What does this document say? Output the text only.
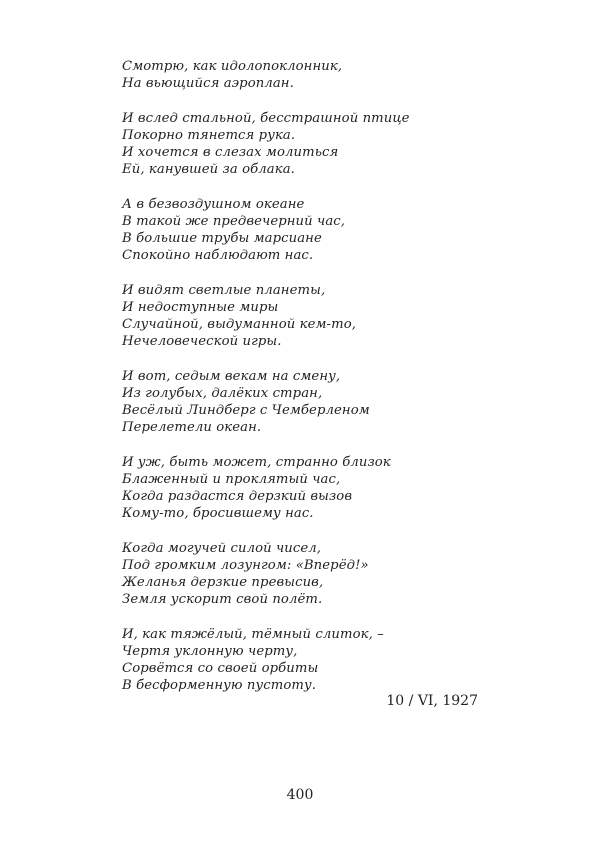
Смотрю, как идолопоклонник,
На вьющийся аэроплан.
И вслед стальной, бесстрашной птице
Покорно тянется рука.
И хочется в слезах молиться
Ей, канувшей за облака.
А в безвоздушном океане
В такой же предвечерний час,
В большие трубы марсиане
Спокойно наблюдают нас.
И видят светлые планеты,
И недоступные миры
Случайной, выдуманной кем-то,
Нечеловеческой игры.
И вот, седым векам на смену,
Из голубых, далёких стран,
Весёлый Линдберг с Чемберленом
Перелетели океан.
И уж, быть может, странно близок
Блаженный и проклятый час,
Когда раздастся дерзкий вызов
Кому-то, бросившему нас.
Когда могучей силой чисел,
Под громким лозунгом: «Вперёд!»
Желанья дерзкие превысив,
Земля ускорит свой полёт.
И, как тяжёлый, тёмный слиток, –
Чертя уклонную черту,
Сорвётся со своей орбиты
В бесформенную пустоту.
10 / VI, 1927
400
